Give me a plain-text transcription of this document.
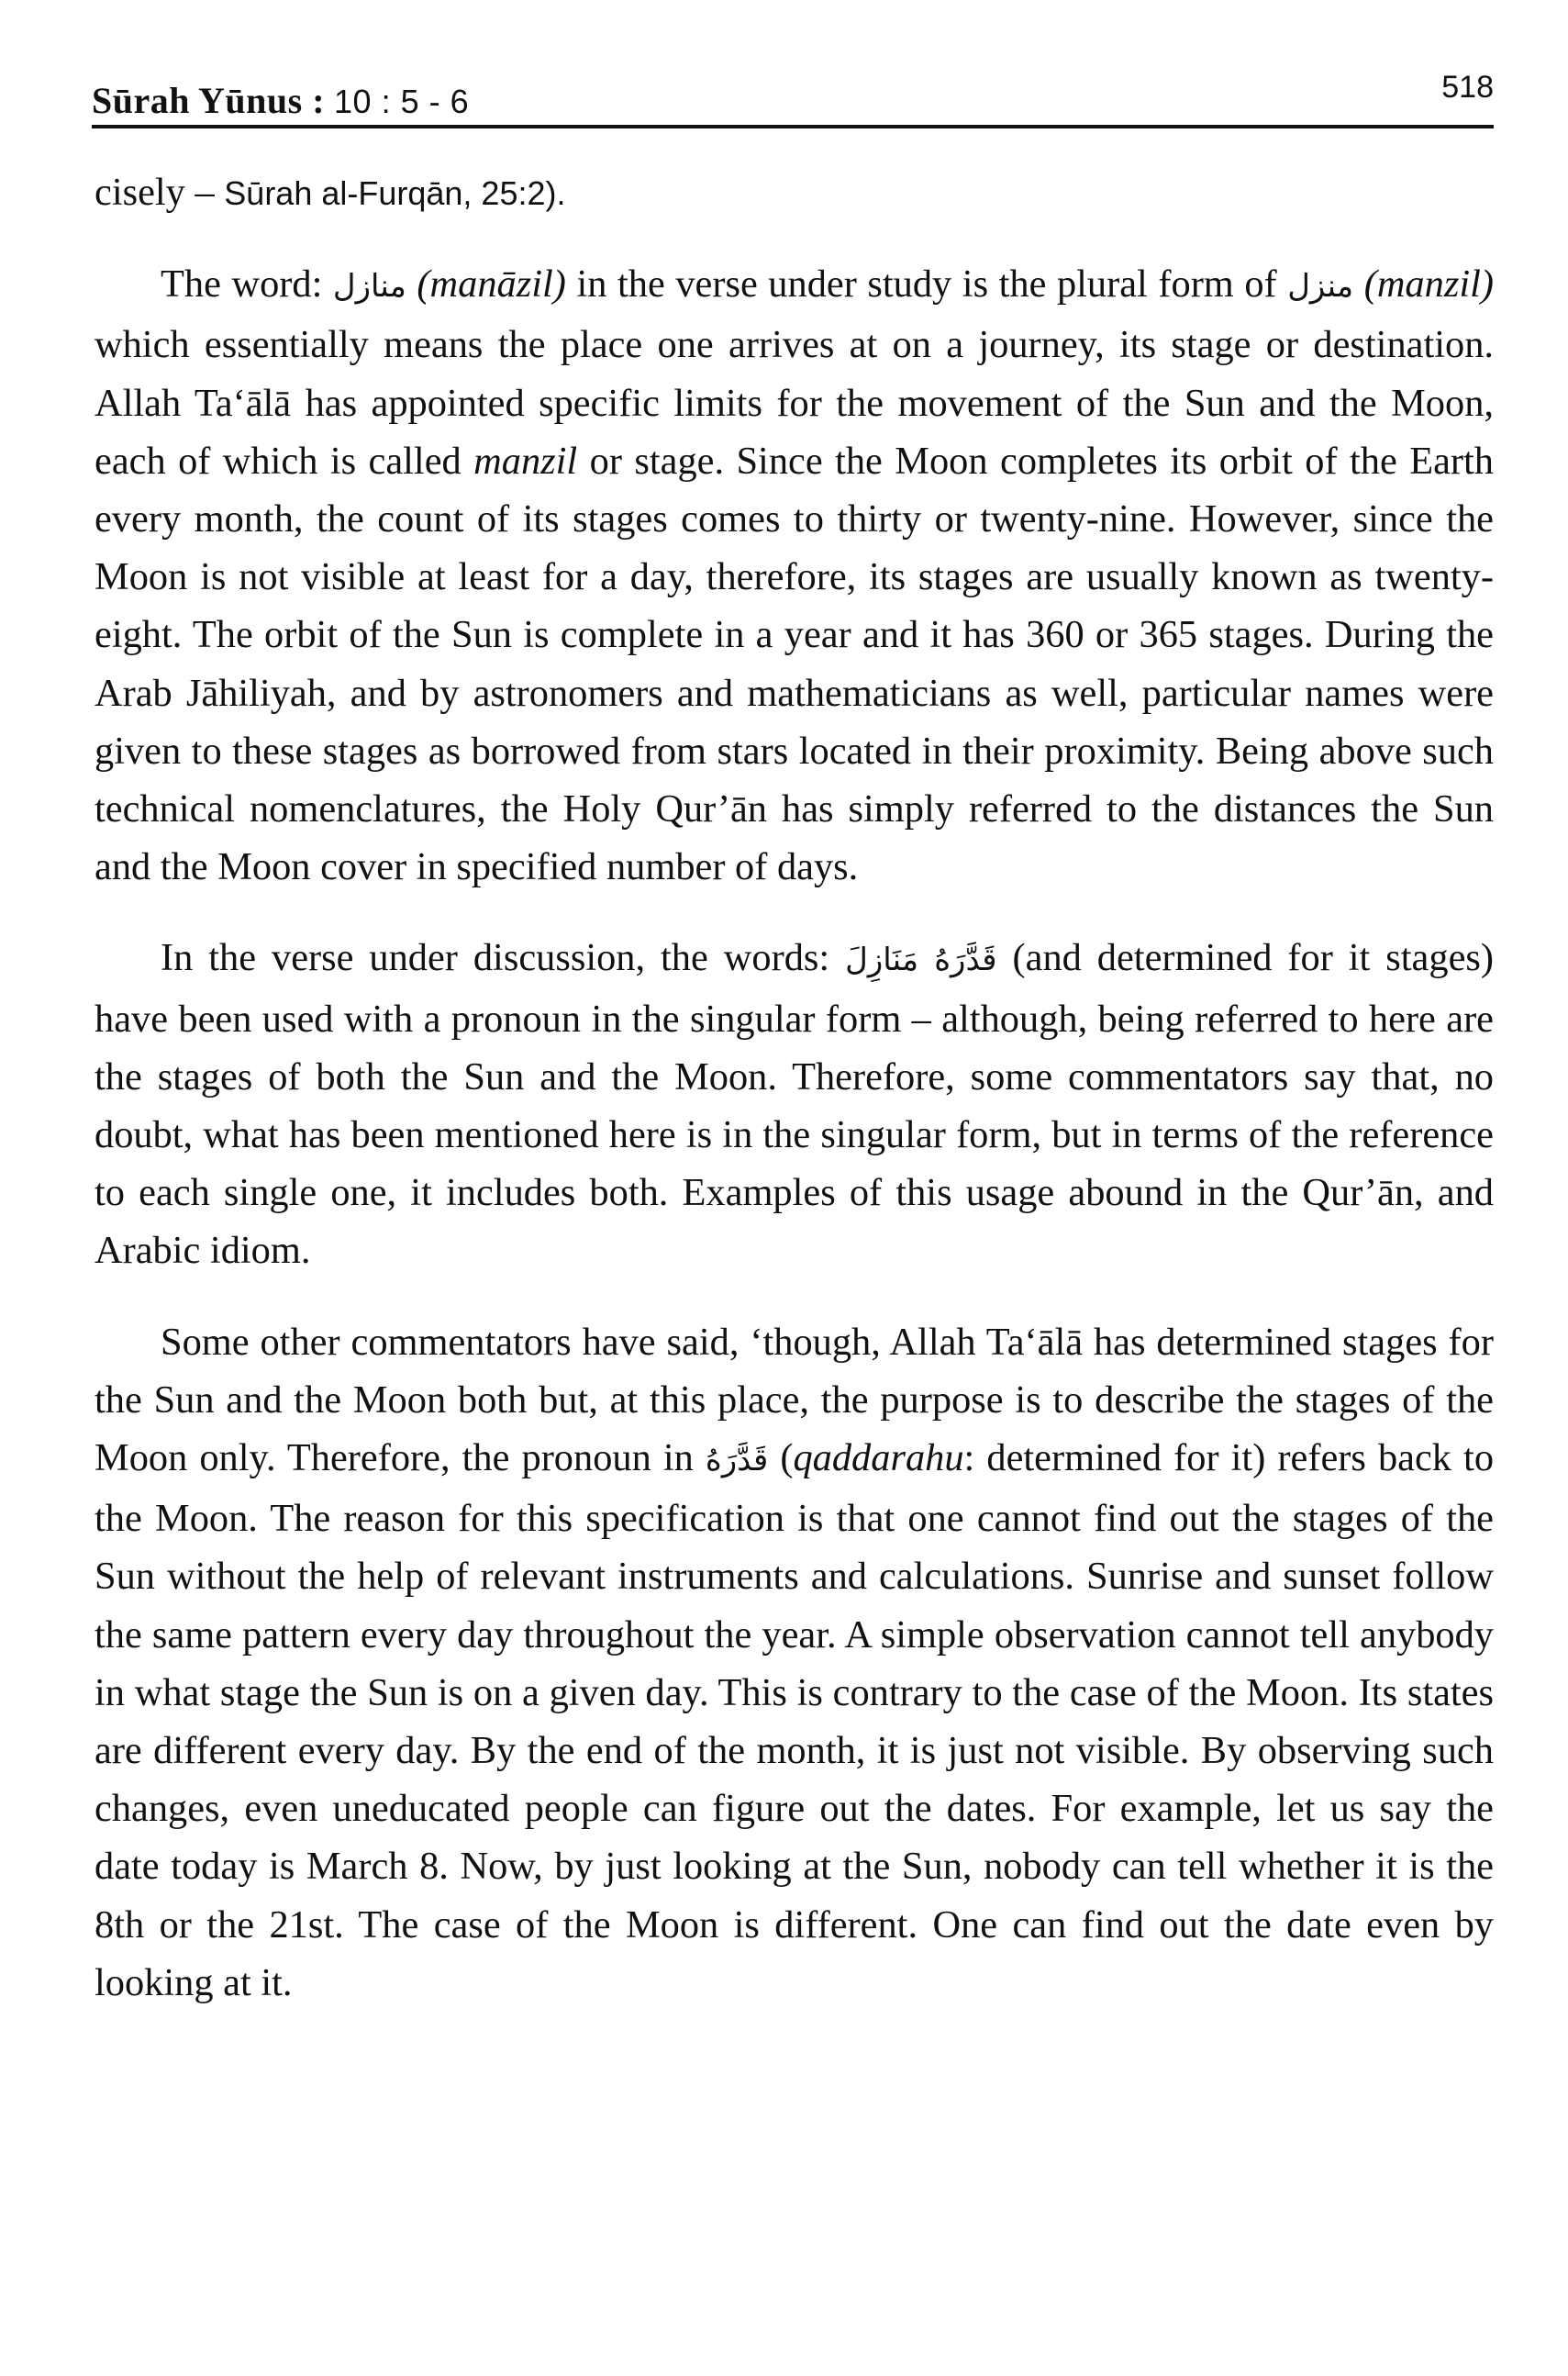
Sūrah Yūnus : 10 : 5 - 6	518

cisely – Sūrah al-Furqān, 25:2).

The word: منازل (manāzil) in the verse under study is the plural form of منزل (manzil) which essentially means the place one arrives at on a journey, its stage or destination. Allah Ta‘ālā has appointed specific limits for the movement of the Sun and the Moon, each of which is called manzil or stage. Since the Moon completes its orbit of the Earth every month, the count of its stages comes to thirty or twenty-nine. However, since the Moon is not visible at least for a day, therefore, its stages are usually known as twenty- eight. The orbit of the Sun is complete in a year and it has 360 or 365 stages. During the Arab Jāhiliyah, and by astronomers and mathematicians as well, particular names were given to these stages as borrowed from stars located in their proximity. Being above such technical nomenclatures, the Holy Qur’ān has simply referred to the distances the Sun and the Moon cover in specified number of days.

In the verse under discussion, the words: قَدَّرَهُ مَنَازِلَ (and determined for it stages) have been used with a pronoun in the singular form – although, being referred to here are the stages of both the Sun and the Moon. Therefore, some commentators say that, no doubt, what has been mentioned here is in the singular form, but in terms of the reference to each single one, it includes both. Examples of this usage abound in the Qur’ān, and Arabic idiom.

Some other commentators have said, ‘though, Allah Ta‘ālā has determined stages for the Sun and the Moon both but, at this place, the purpose is to describe the stages of the Moon only. Therefore, the pronoun in قَدَّرَهُ (qaddarahu: determined for it) refers back to the Moon. The reason for this specification is that one cannot find out the stages of the Sun without the help of relevant instruments and calculations. Sunrise and sunset follow the same pattern every day throughout the year. A simple observation cannot tell anybody in what stage the Sun is on a given day. This is contrary to the case of the Moon. Its states are different every day. By the end of the month, it is just not visible. By observing such changes, even uneducated people can figure out the dates. For example, let us say the date today is March 8. Now, by just looking at the Sun, nobody can tell whether it is the 8th or the 21st. The case of the Moon is different. One can find out the date even by looking at it.
